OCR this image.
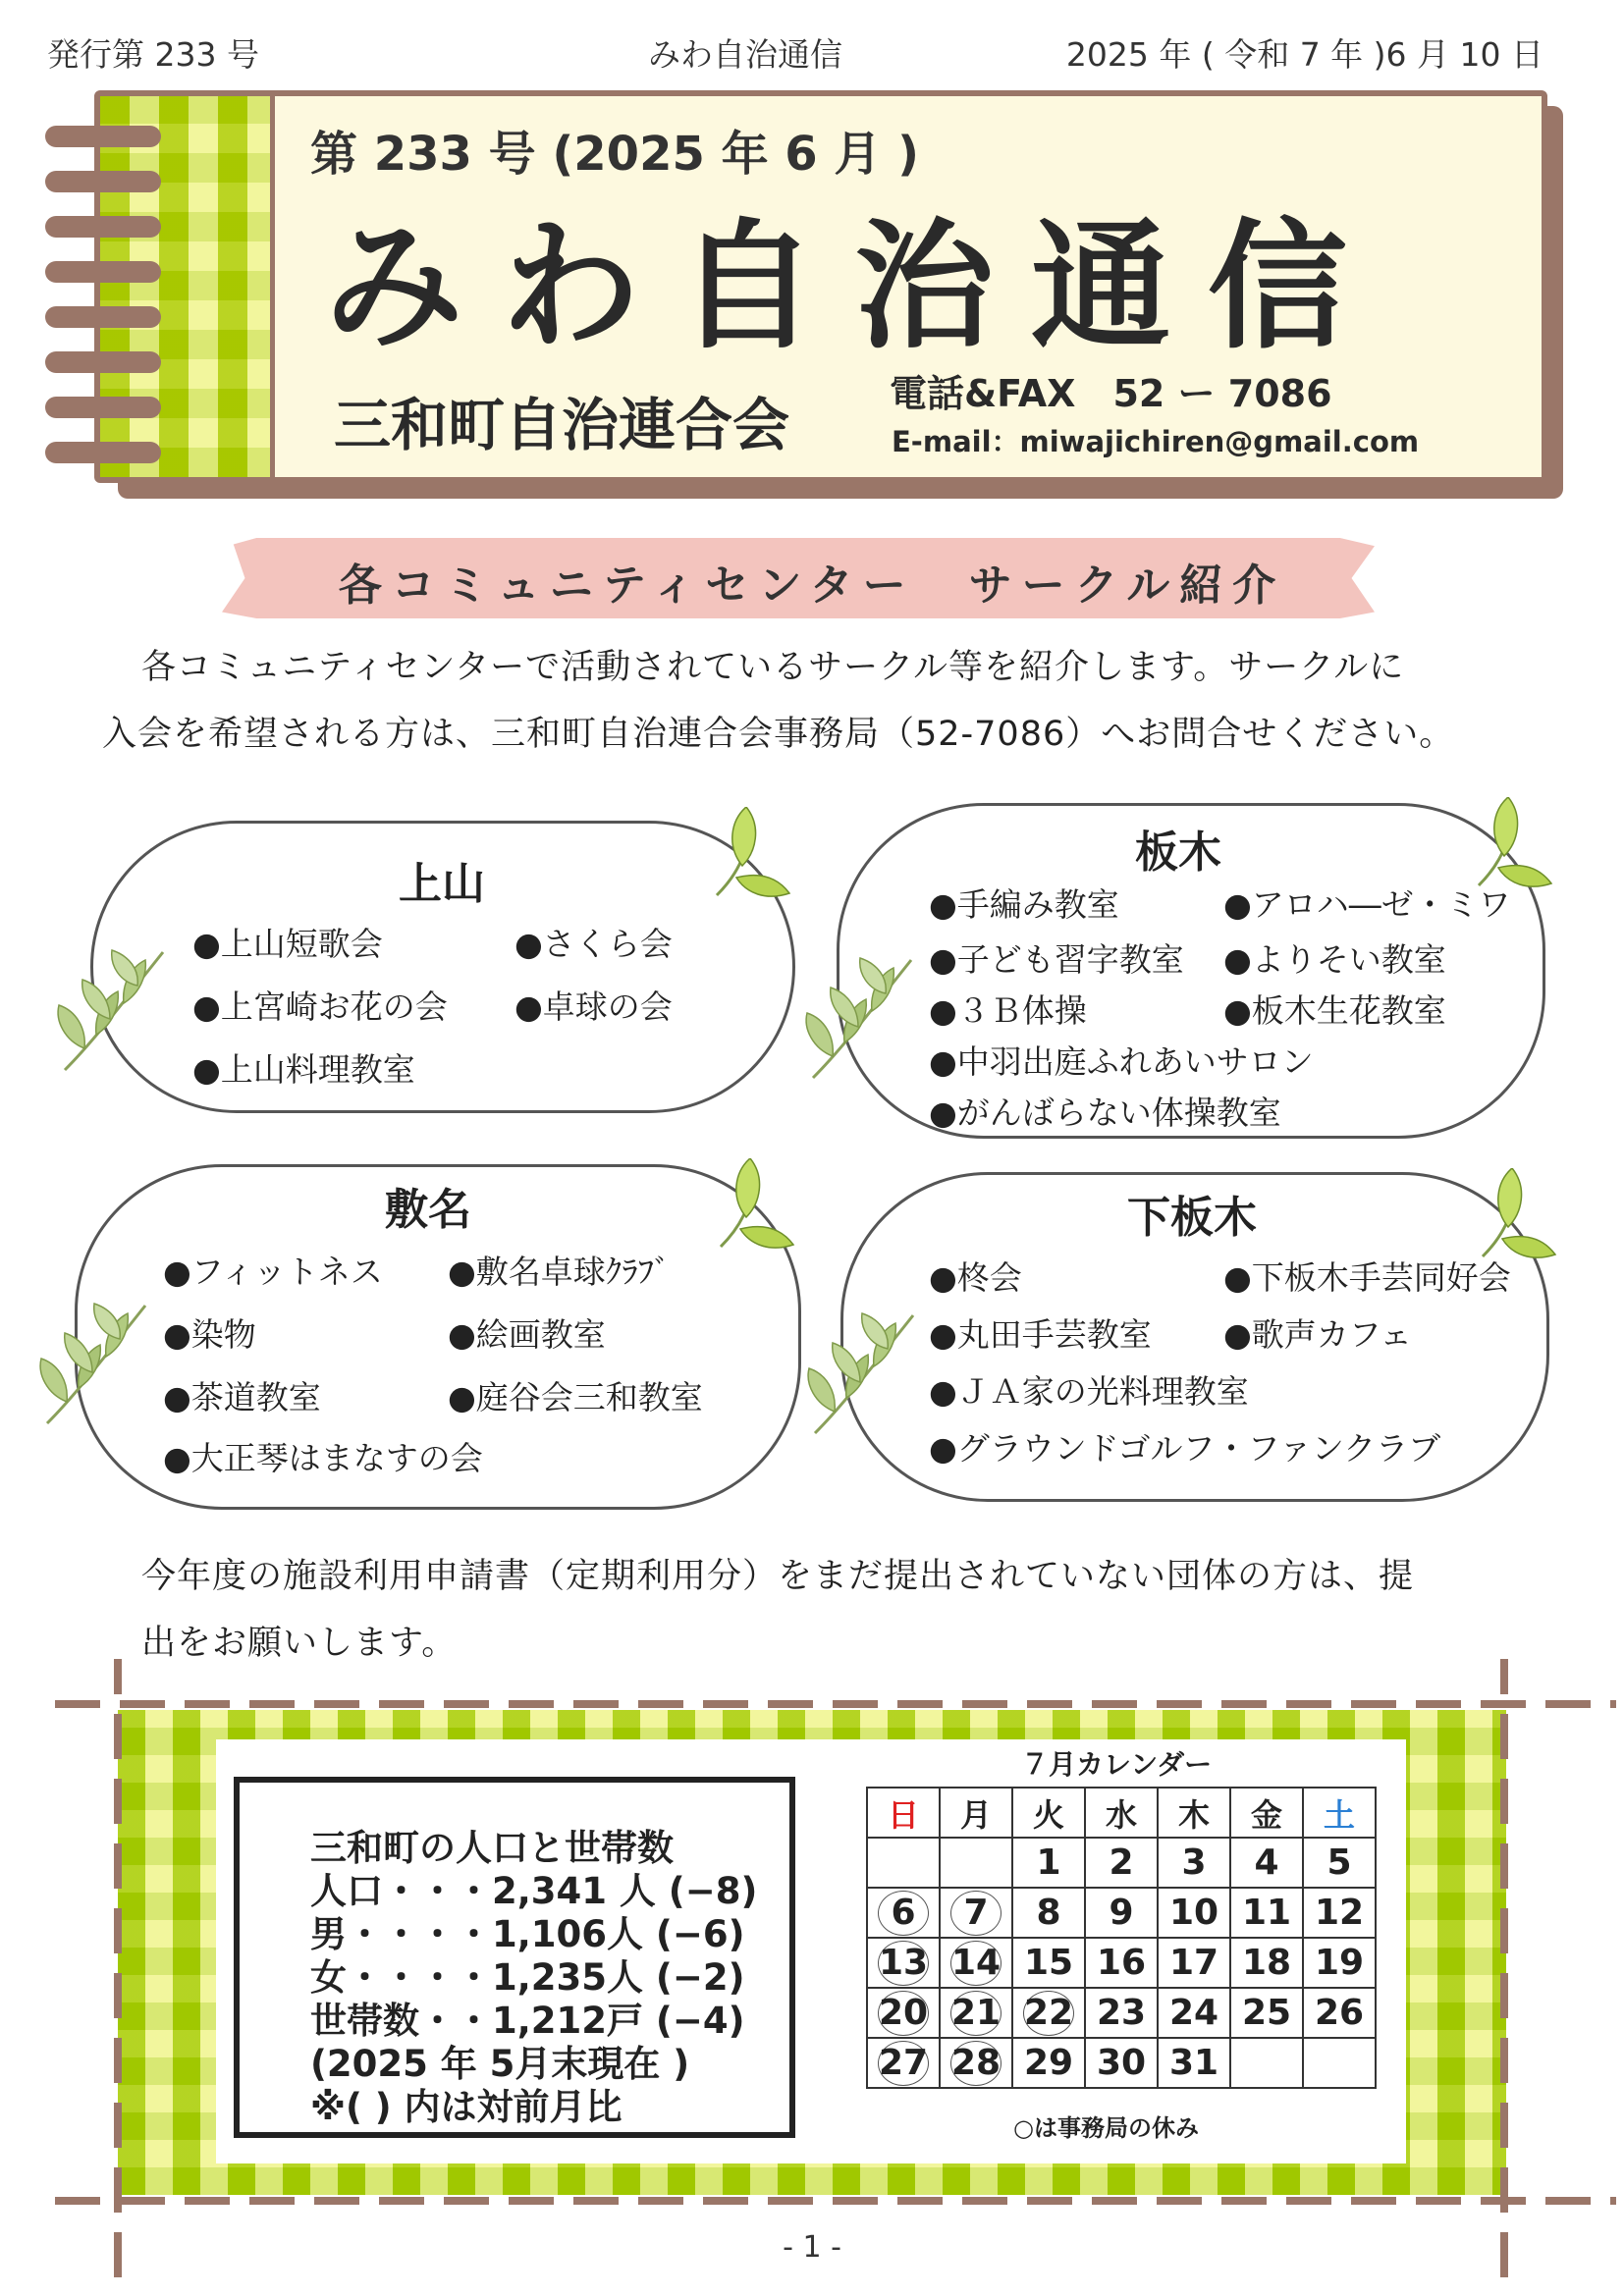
発行第 233 号	みわ自治通信	2025 年 ( 令和 7 年 )6 月 10 日
第 233 号 (2025 年 6 月 )
みわ自治通信
三和町自治連合会	電話&FAX　52 ー 7086
E-mail：miwajichiren@gmail.com
各コミュニティセンター　サークル紹介
各コミュニティセンターで活動されているサークル等を紹介します。サークルに
入会を希望される方は、三和町自治連合会事務局（52-7086）へお問合せください。
上山
●上山短歌会	●さくら会
●上宮崎お花の会 ●卓球の会
●上山料理教室
板木
●手編み教室	●アロハ―ゼ・ミワ
●子ども習字教室 ●よりそい教室
●３Ｂ体操	●板木生花教室
●中羽出庭ふれあいサロン
●がんばらない体操教室
敷名
●フィットネス ●敷名卓球ｸﾗﾌﾞ
●染物	●絵画教室
●茶道教室	●庭谷会三和教室
●大正琴はまなすの会
下板木
●柊会	●下板木手芸同好会
●丸田手芸教室 ●歌声カフェ
●ＪＡ家の光料理教室
●グラウンドゴルフ・ファンクラブ
今年度の施設利用申請書（定期利用分）をまだ提出されていない団体の方は、提
出をお願いします。
三和町の人口と世帯数
人口・・・2,341 人 (−8)
男・・・・1,106人 (−6)
女・・・・1,235人 (−2)
世帯数・・1,212戸 (−4)
(2025 年 5月末現在 )
※( ) 内は対前月比
７月カレンダー
日	月	火	水	木	金	土
		1	2	3	4	5
6	7	8	9	10	11	12
13	14	15	16	17	18	19
20	21	22	23	24	25	26
27	28	29	30	31		
○は事務局の休み
- 1 -
